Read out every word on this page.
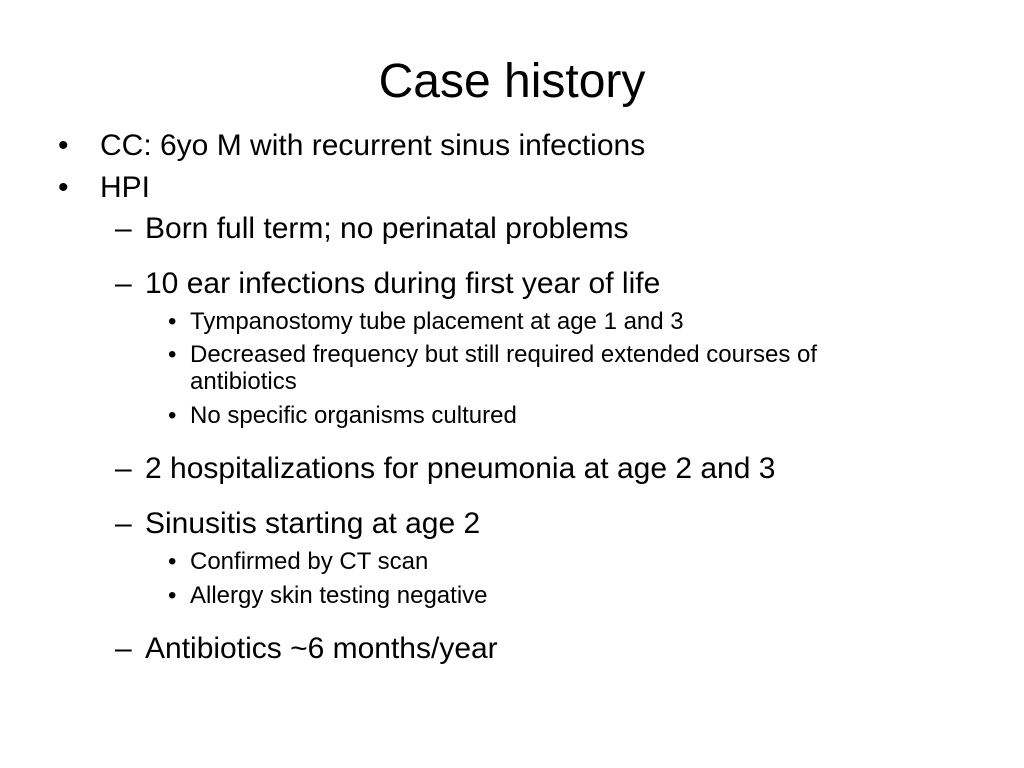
Case history
• CC: 6yo M with recurrent sinus infections
• HPI
– Born full term; no perinatal problems
– 10 ear infections during first year of life
• Tympanostomy tube placement at age 1 and 3
• Decreased frequency but still required extended courses of
antibiotics
• No specific organisms cultured
– 2 hospitalizations for pneumonia at age 2 and 3
– Sinusitis starting at age 2
• Confirmed by CT scan
• Allergy skin testing negative
– Antibiotics ~6 months/year
